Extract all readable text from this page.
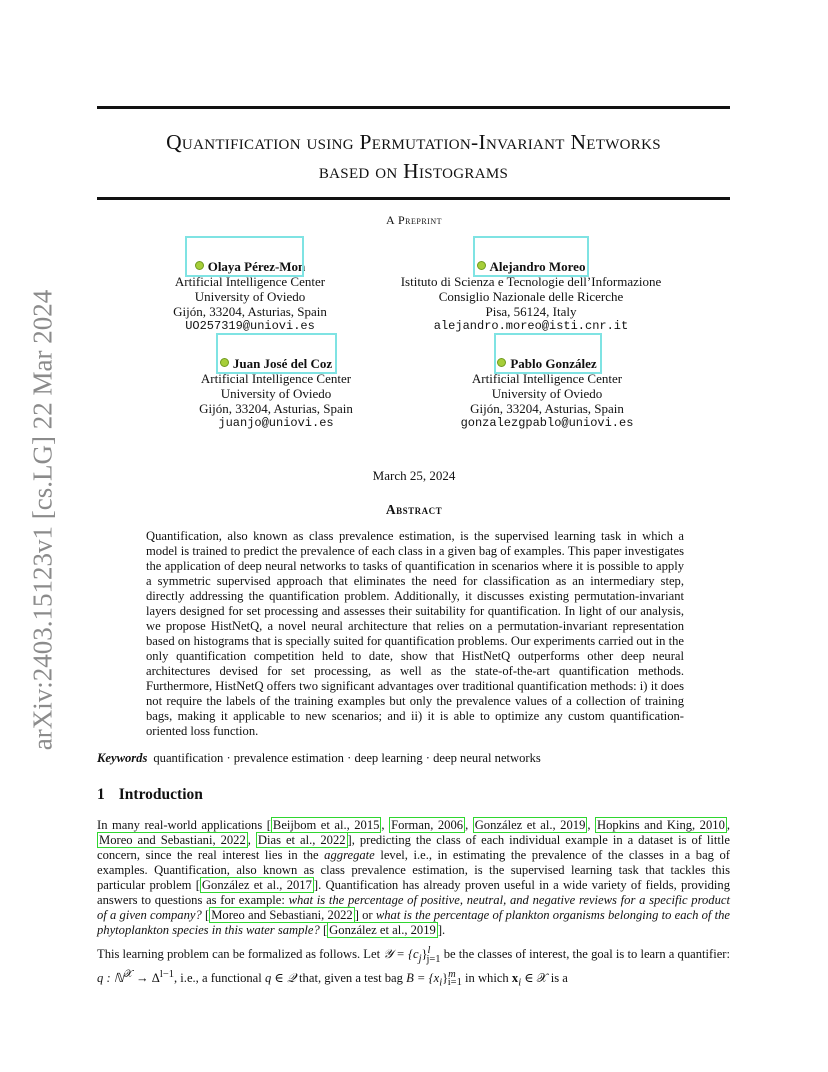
arXiv:2403.15123v1 [cs.LG] 22 Mar 2024
Quantification using Permutation-Invariant Networks
based on Histograms
A Preprint
Olaya Pérez-Mon
Artificial Intelligence Center
University of Oviedo
Gijón, 33204, Asturias, Spain
UO257319@uniovi.es
Alejandro Moreo
Istituto di Scienza e Tecnologie dell’Informazione
Consiglio Nazionale delle Ricerche
Pisa, 56124, Italy
alejandro.moreo@isti.cnr.it
Juan José del Coz
Artificial Intelligence Center
University of Oviedo
Gijón, 33204, Asturias, Spain
juanjo@uniovi.es
Pablo González
Artificial Intelligence Center
University of Oviedo
Gijón, 33204, Asturias, Spain
gonzalezgpablo@uniovi.es
March 25, 2024
Abstract
Quantification, also known as class prevalence estimation, is the supervised learning task in which a model is trained to predict the prevalence of each class in a given bag of examples. This paper investigates the application of deep neural networks to tasks of quantification in scenarios where it is possible to apply a symmetric supervised approach that eliminates the need for classification as an intermediary step, directly addressing the quantification problem. Additionally, it discusses existing permutation-invariant layers designed for set processing and assesses their suitability for quantification. In light of our analysis, we propose HistNetQ, a novel neural architecture that relies on a permutation-invariant representation based on histograms that is specially suited for quantification problems. Our experiments carried out in the only quantification competition held to date, show that HistNetQ outperforms other deep neural architectures devised for set processing, as well as the state-of-the-art quantification methods. Furthermore, HistNetQ offers two significant advantages over traditional quantification methods: i) it does not require the labels of the training examples but only the prevalence values of a collection of training bags, making it applicable to new scenarios; and ii) it is able to optimize any custom quantification-oriented loss function.
Keywords quantification · prevalence estimation · deep learning · deep neural networks
1 Introduction

In many real-world applications [ Beijbom et al., 2015 , Forman, 2006 , González et al., 2019 , Hopkins and King, 2010 , Moreo and Sebastiani, 2022 , Dias et al., 2022 ], predicting the class of each individual example in a dataset is of little concern, since the real interest lies in the aggregate level, i.e., in estimating the prevalence of the classes in a bag of examples. Quantification, also known as class prevalence estimation, is the supervised learning task that tackles this particular problem [ González et al., 2017 ]. Quantification has already proven useful in a wide variety of fields, providing answers to questions as for example: what is the percentage of positive, neutral, and negative reviews for a specific product of a given company? [ Moreo and Sebastiani, 2022 ] or what is the percentage of plankton organisms belonging to each of the phytoplankton species in this water sample? [ González et al., 2019 ].

This learning problem can be formalized as follows. Let 𝒴 = $\{c_j\}^l_{j=1}$ be the classes of interest, the goal is to learn a quantifier: q : ℕ$^𝒳$ → $\Delta^{l-1}$, i.e., a functional q ∈ 𝒬 that, given a test bag $B = \{x_i\}^m_{i=1}$ in which $x_i$ ∈ 𝒳 is a
